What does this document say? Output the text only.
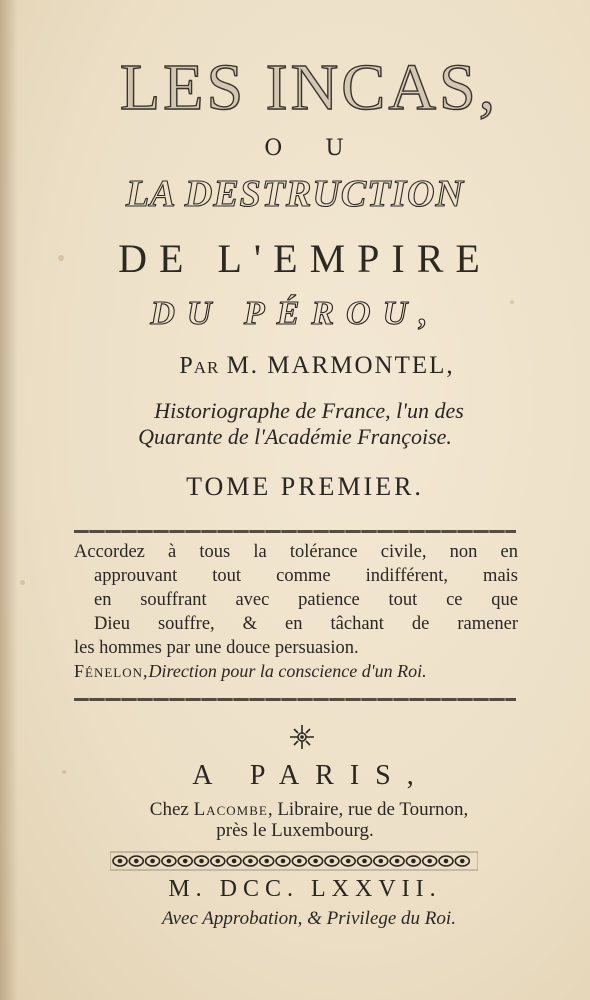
LES INCAS,
O U
LA DESTRUCTION
DE L'EMPIRE
DU PÉROU,
Par M. MARMONTEL,
Historiographe de France, l'un des
Quarante de l'Académie Françoise.
TOME PREMIER.
Accordez à tous la tolérance civile, non en
approuvant tout comme indifférent, mais
en souffrant avec patience tout ce que
Dieu souffre, & en tâchant de ramener
les hommes par une douce persuasion.
Fénelon,Direction pour la conscience d'un Roi.
A PARIS,
Chez Lacombe, Libraire, rue de Tournon,
près le Luxembourg.
M. DCC. LXXVII.
Avec Approbation, & Privilege du Roi.
